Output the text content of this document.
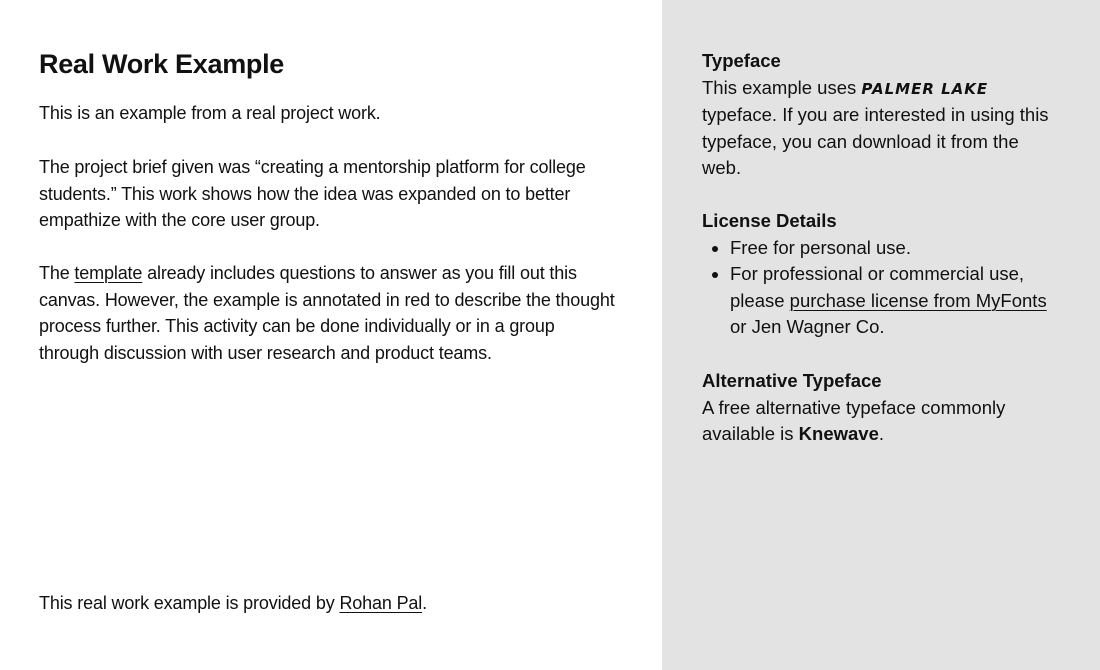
Real Work Example

This is an example from a real project work.

The project brief given was “creating a mentorship platform for college students.” This work shows how the idea was expanded on to better empathize with the core user group.

The template already includes questions to answer as you fill out this canvas. However, the example is annotated in red to describe the thought process further. This activity can be done individually or in a group through discussion with user research and product teams.

This real work example is provided by Rohan Pal.

Typeface

This example uses PALMER LAKE typeface. If you are interested in using this typeface, you can download it from the web.

License Details

• Free for personal use.
• For professional or commercial use, please purchase license from MyFonts or Jen Wagner Co.

Alternative Typeface

A free alternative typeface commonly available is Knewave.
